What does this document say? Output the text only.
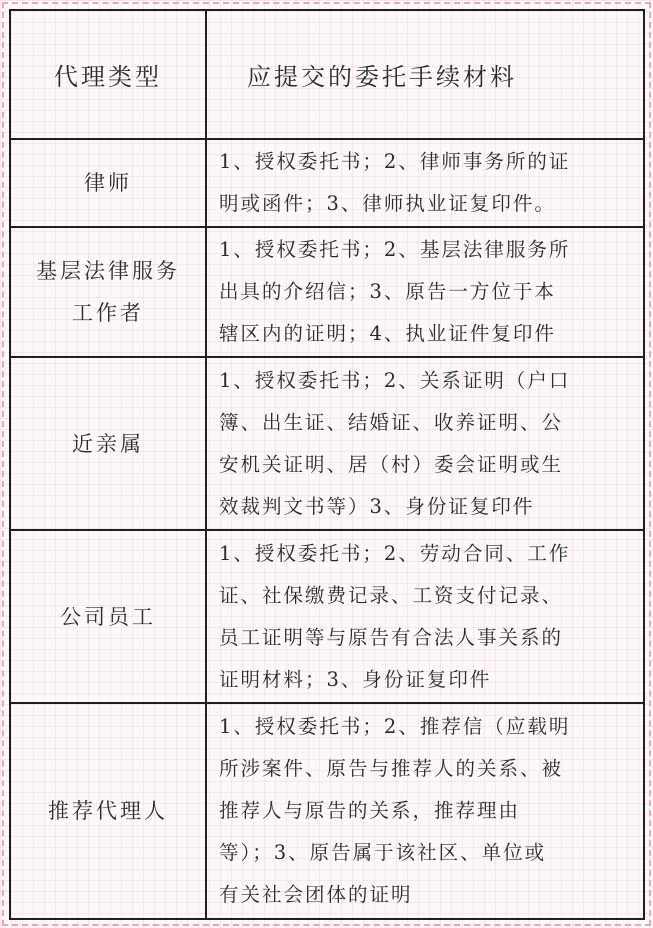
代理类型	应提交的委托手续材料

律师	1、授权委托书；2、律师事务所的证
明或函件；3、律师执业证复印件。

基层法律服务
工作者	1、授权委托书；2、基层法律服务所
出具的介绍信；3、原告一方位于本
辖区内的证明；4、执业证件复印件

近亲属	1、授权委托书；2、关系证明（户口
簿、出生证、结婚证、收养证明、公
安机关证明、居（村）委会证明或生
效裁判文书等）3、身份证复印件

公司员工	1、授权委托书；2、劳动合同、工作
证、社保缴费记录、工资支付记录、
员工证明等与原告有合法人事关系的
证明材料；3、身份证复印件

推荐代理人	1、授权委托书；2、推荐信（应载明
所涉案件、原告与推荐人的关系、被
推荐人与原告的关系，推荐理由
等）；3、原告属于该社区、单位或
有关社会团体的证明
